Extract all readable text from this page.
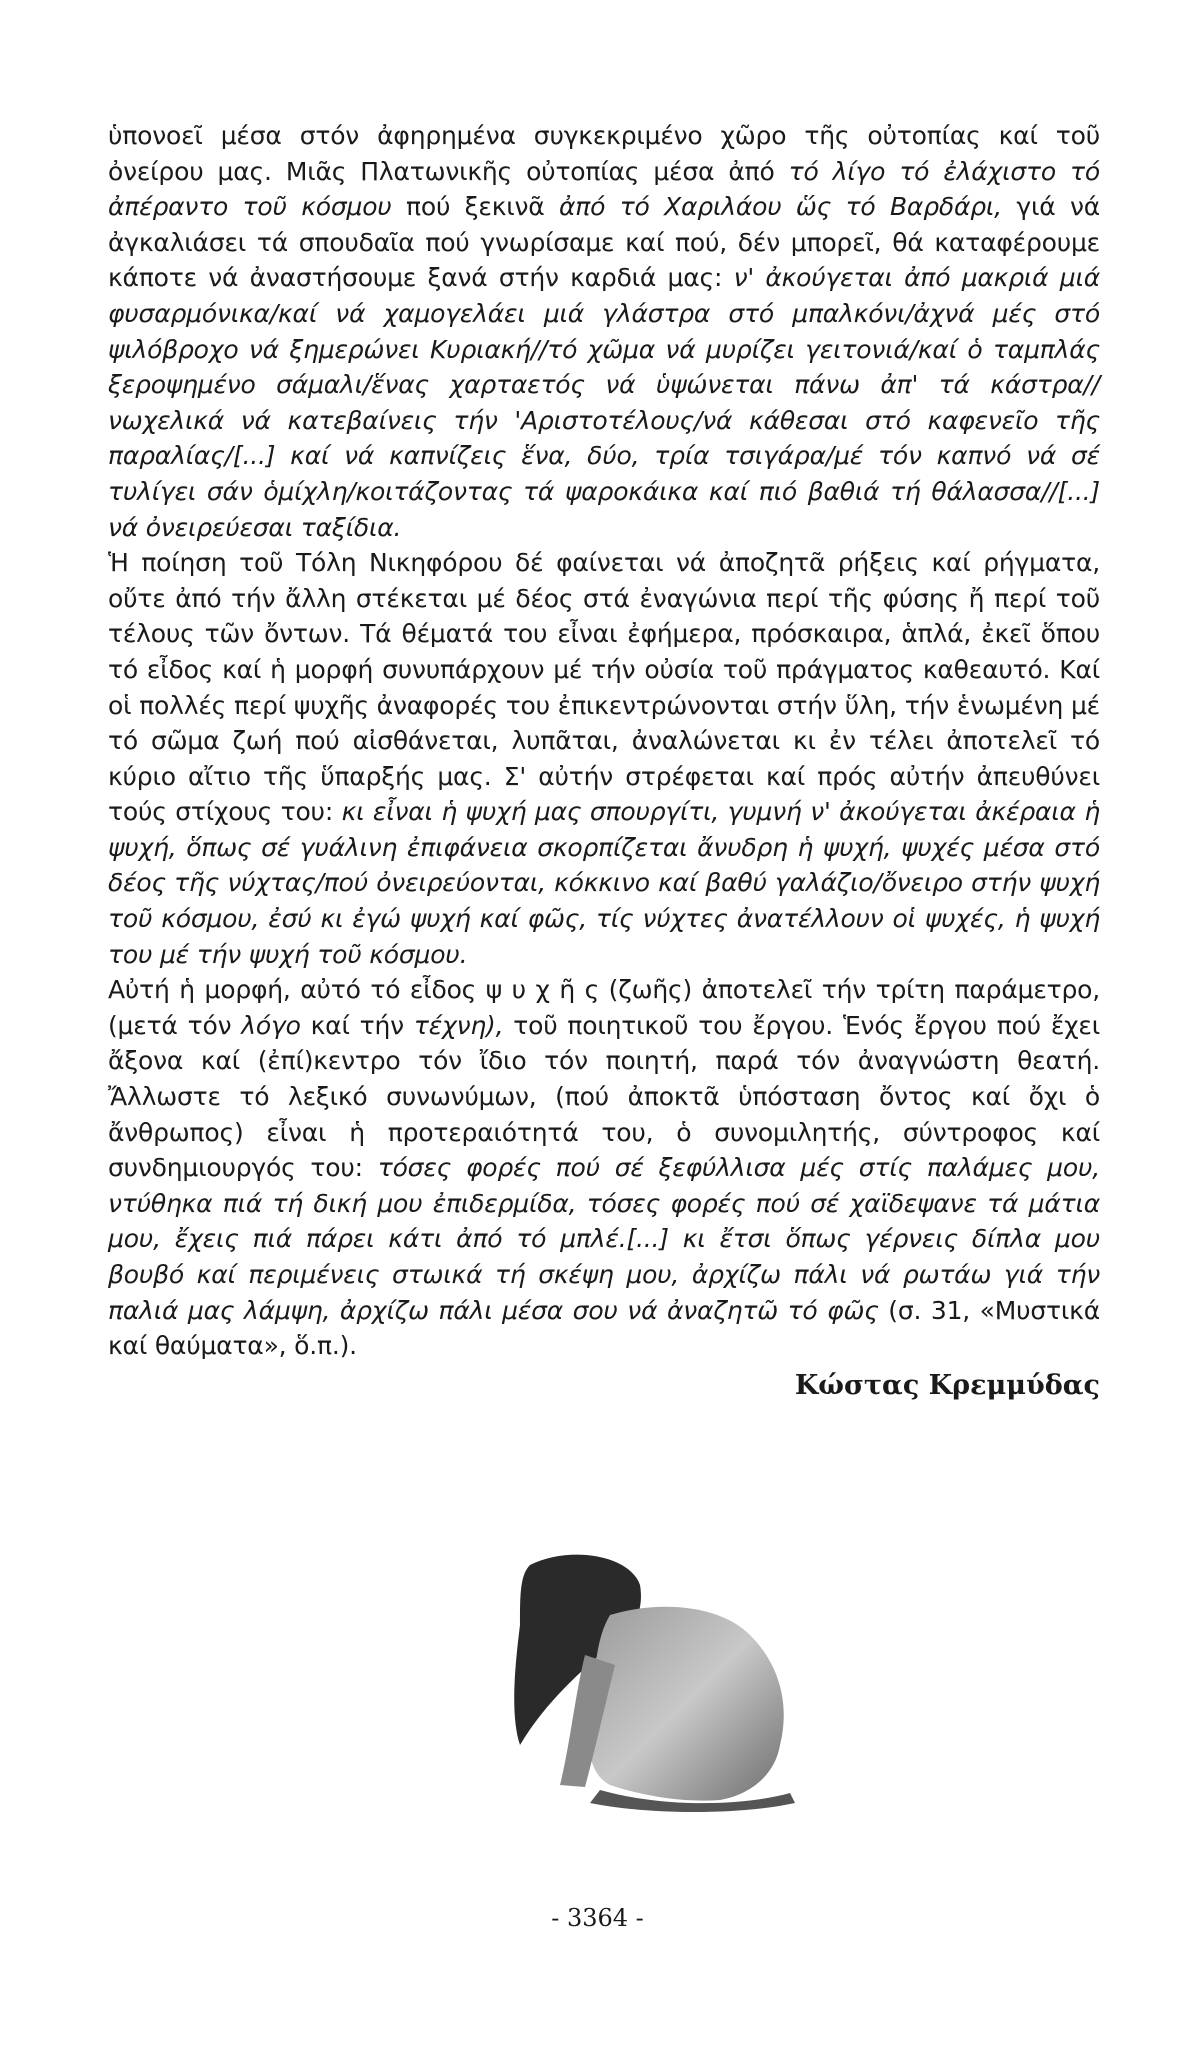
ὑπονοεῖ μέσα στόν ἀφηρημένα συγκεκριμένο χῶρο τῆς οὐτοπίας καί τοῦ ὀνείρου μας. Μιᾶς Πλατωνικῆς οὐτοπίας μέσα ἀπό τό λίγο τό ἐλάχιστο τό ἀπέραντο τοῦ κόσμου πού ξεκινᾶ ἀπό τό Χαριλάου ὥς τό Βαρδάρι, γιά νά ἀγκαλιάσει τά σπουδαῖα πού γνωρίσαμε καί πού, δέν μπορεῖ, θά καταφέρουμε κάποτε νά ἀναστήσουμε ξανά στήν καρδιά μας: ν' ἀκούγεται ἀπό μακριά μιά φυσαρμόνικα/καί νά χαμογελάει μιά γλάστρα στό μπαλκόνι/ἀχνά μές στό ψιλόβροχο νά ξημερώνει Κυριακή//τό χῶμα νά μυρίζει γειτονιά/καί ὁ ταμπλάς ξεροψημένο σάμαλι/ἕνας χαρταετός νά ὑψώνεται πάνω ἀπ' τά κάστρα//νωχελικά νά κατεβαίνεις τήν 'Αριστοτέλους/νά κάθεσαι στό καφενεῖο τῆς παραλίας/[...] καί νά καπνίζεις ἕνα, δύο, τρία τσιγάρα/μέ τόν καπνό νά σέ τυλίγει σάν ὁμίχλη/κοιτάζοντας τά ψαροκάικα καί πιό βαθιά τή θάλασσα//[...] νά ὀνειρεύεσαι ταξίδια.

Ἡ ποίηση τοῦ Τόλη Νικηφόρου δέ φαίνεται νά ἀποζητᾶ ρήξεις καί ρήγματα, οὔτε ἀπό τήν ἄλλη στέκεται μέ δέος στά ἐναγώνια περί τῆς φύσης ἤ περί τοῦ τέλους τῶν ὄντων. Τά θέματά του εἶναι ἐφήμερα, πρόσκαιρα, ἁπλά, ἐκεῖ ὅπου τό εἶδος καί ἡ μορφή συνυπάρχουν μέ τήν οὐσία τοῦ πράγματος καθεαυτό. Καί οἱ πολλές περί ψυχῆς ἀναφορές του ἐπικεντρώνονται στήν ὕλη, τήν ἑνωμένη μέ τό σῶμα ζωή πού αἰσθάνεται, λυπᾶται, ἀναλώνεται κι ἐν τέλει ἀποτελεῖ τό κύριο αἴτιο τῆς ὕπαρξής μας. Σ' αὐτήν στρέφεται καί πρός αὐτήν ἀπευθύνει τούς στίχους του: κι εἶναι ἡ ψυχή μας σπουργίτι, γυμνή ν' ἀκούγεται ἀκέραια ἡ ψυχή, ὅπως σέ γυάλινη ἐπιφάνεια σκορπίζεται ἄνυδρη ἡ ψυχή, ψυχές μέσα στό δέος τῆς νύχτας/πού ὀνειρεύονται, κόκκινο καί βαθύ γαλάζιο/ὄνειρο στήν ψυχή τοῦ κόσμου, ἐσύ κι ἐγώ ψυχή καί φῶς, τίς νύχτες ἀνατέλλουν οἱ ψυχές, ἡ ψυχή του μέ τήν ψυχή τοῦ κόσμου.

Αὐτή ἡ μορφή, αὐτό τό εἶδος ψ υ χ ῆ ς (ζωῆς) ἀποτελεῖ τήν τρίτη παράμετρο, (μετά τόν λόγο καί τήν τέχνη), τοῦ ποιητικοῦ του ἔργου. Ἑνός ἔργου πού ἔχει ἄξονα καί (ἐπί)κεντρο τόν ἴδιο τόν ποιητή, παρά τόν ἀναγνώστη θεατή. Ἄλλωστε τό λεξικό συνωνύμων, (πού ἀποκτᾶ ὑπόσταση ὄντος καί ὄχι ὁ ἄνθρωπος) εἶναι ἡ προτεραιότητά του, ὁ συνομιλητής, σύντροφος καί συνδημιουργός του: τόσες φορές πού σέ ξεφύλλισα μές στίς παλάμες μου, ντύθηκα πιά τή δική μου ἐπιδερμίδα, τόσες φορές πού σέ χαϊδεψανε τά μάτια μου, ἔχεις πιά πάρει κάτι ἀπό τό μπλέ.[...] κι ἔτσι ὅπως γέρνεις δίπλα μου βουβό καί περιμένεις στωικά τή σκέψη μου, ἀρχίζω πάλι νά ρωτάω γιά τήν παλιά μας λάμψη, ἀρχίζω πάλι μέσα σου νά ἀναζητῶ τό φῶς (σ. 31, «Μυστικά καί θαύματα», ὅ.π.).

Κώστας Κρεμμύδας
- 3364 -
